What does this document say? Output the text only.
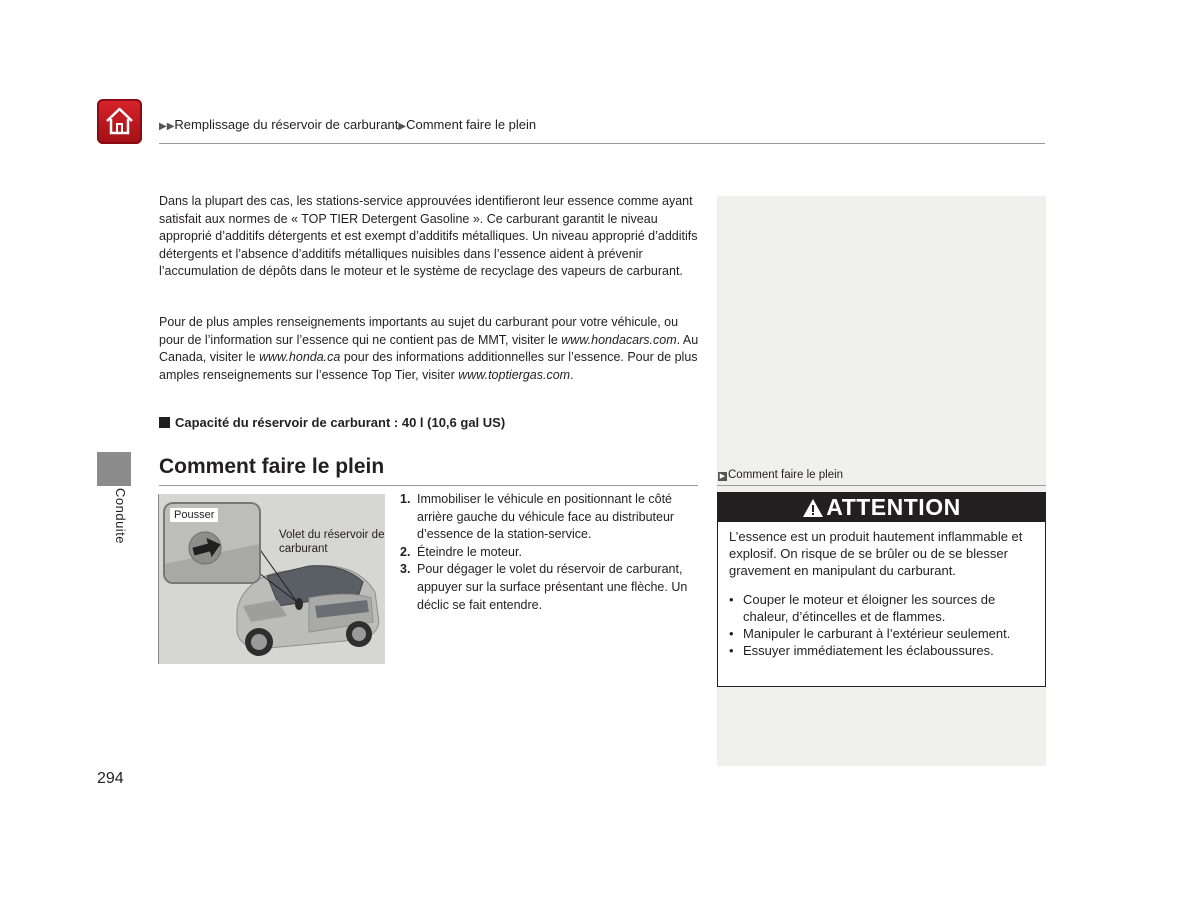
▶▶Remplissage du réservoir de carburant▶Comment faire le plein
Conduite
Dans la plupart des cas, les stations-service approuvées identifieront leur essence comme ayant satisfait aux normes de « TOP TIER Detergent Gasoline ». Ce carburant garantit le niveau approprié d’additifs détergents et est exempt d’additifs métalliques. Un niveau approprié d’additifs détergents et l’absence d’additifs métalliques nuisibles dans l’essence aident à prévenir l’accumulation de dépôts dans le moteur et le système de recyclage des vapeurs de carburant.
Pour de plus amples renseignements importants au sujet du carburant pour votre véhicule, ou pour de l’information sur l’essence qui ne contient pas de MMT, visiter le www.hondacars.com. Au Canada, visiter le www.honda.ca pour des informations additionnelles sur l’essence. Pour de plus amples renseignements sur l’essence Top Tier, visiter www.toptiergas.com.
Capacité du réservoir de carburant : 40 l (10,6 gal US)
Comment faire le plein
Pousser
Volet du réservoir de carburant
1. Immobiliser le véhicule en positionnant le côté arrière gauche du véhicule face au distributeur d’essence de la station-service.
2. Éteindre le moteur.
3. Pour dégager le volet du réservoir de carburant, appuyer sur la surface présentant une flèche. Un déclic se fait entendre.
▶ Comment faire le plein
ATTENTION
L’essence est un produit hautement inflammable et explosif. On risque de se brûler ou de se blesser gravement en manipulant du carburant.
• Couper le moteur et éloigner les sources de chaleur, d’étincelles et de flammes.
• Manipuler le carburant à l’extérieur seulement.
• Essuyer immédiatement les éclaboussures.
294
